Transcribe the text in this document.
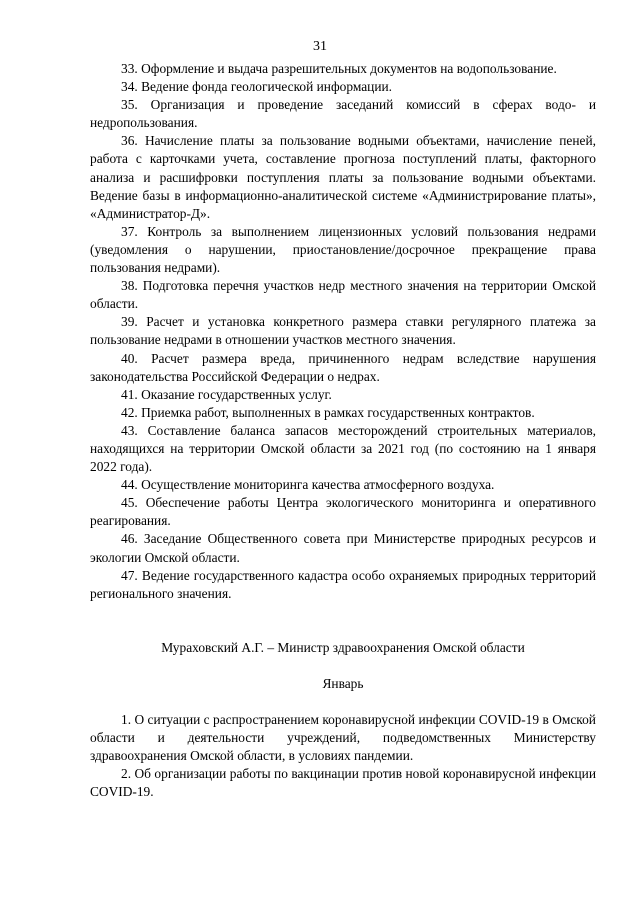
31

33. Оформление и выдача разрешительных документов на водопользование.

34. Ведение фонда геологической информации.

35. Организация и проведение заседаний комиссий в сферах водо- и недропользования.

36. Начисление платы за пользование водными объектами, начисление пеней, работа с карточками учета, составление прогноза поступлений платы, факторного анализа и расшифровки поступления платы за пользование водными объектами. Ведение базы в информационно-аналитической системе «Администрирование платы», «Администратор-Д».

37. Контроль за выполнением лицензионных условий пользования недрами (уведомления о нарушении, приостановление/досрочное прекращение права пользования недрами).

38. Подготовка перечня участков недр местного значения на территории Омской области.

39. Расчет и установка конкретного размера ставки регулярного платежа за пользование недрами в отношении участков местного значения.

40. Расчет размера вреда, причиненного недрам вследствие нарушения законодательства Российской Федерации о недрах.

41. Оказание государственных услуг.

42. Приемка работ, выполненных в рамках государственных контрактов.

43. Составление баланса запасов месторождений строительных материалов, находящихся на территории Омской области за 2021 год (по состоянию на 1 января 2022 года).

44. Осуществление мониторинга качества атмосферного воздуха.

45. Обеспечение работы Центра экологического мониторинга и оперативного реагирования.

46. Заседание Общественного совета при Министерстве природных ресурсов и экологии Омской области.

47. Ведение государственного кадастра особо охраняемых природных территорий регионального значения.

Мураховский А.Г. – Министр здравоохранения Омской области

Январь

1. О ситуации с распространением коронавирусной инфекции COVID-19 в Омской области и деятельности учреждений, подведомственных Министерству здравоохранения Омской области, в условиях пандемии.

2. Об организации работы по вакцинации против новой коронавирусной инфекции COVID-19.
